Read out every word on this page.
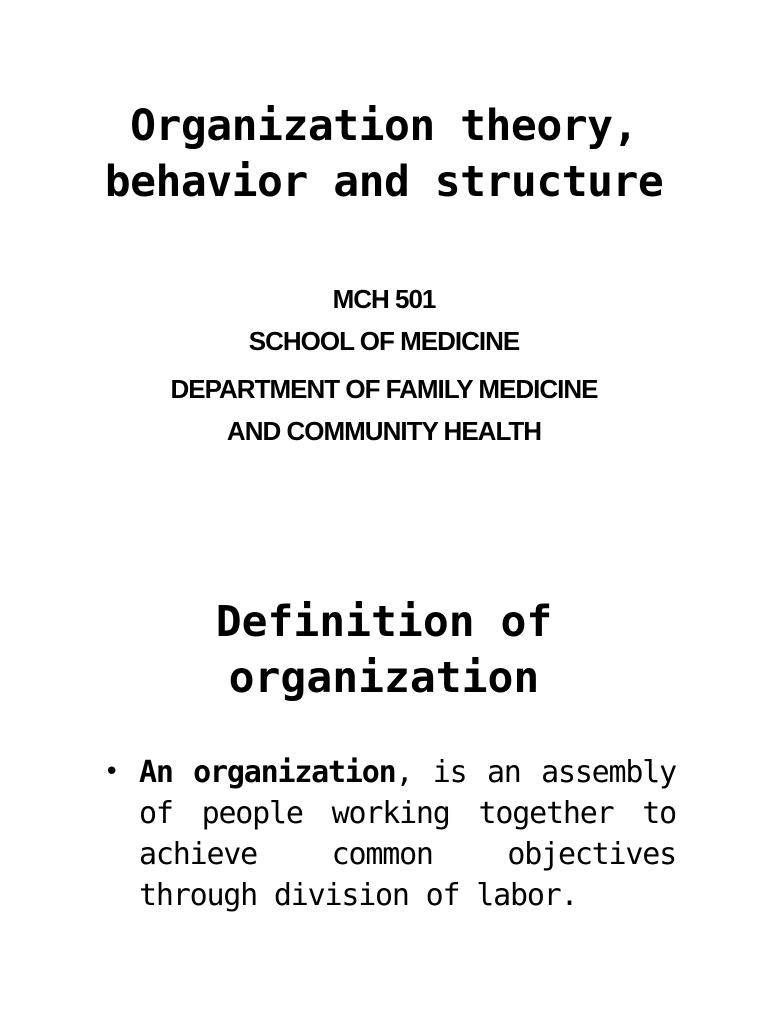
Organization theory,
behavior and structure
MCH 501
SCHOOL OF MEDICINE
DEPARTMENT OF FAMILY MEDICINE
AND COMMUNITY HEALTH
Definition of
organization
• An organization, is an assembly of people working together to achieve common objectives through division of labor.
